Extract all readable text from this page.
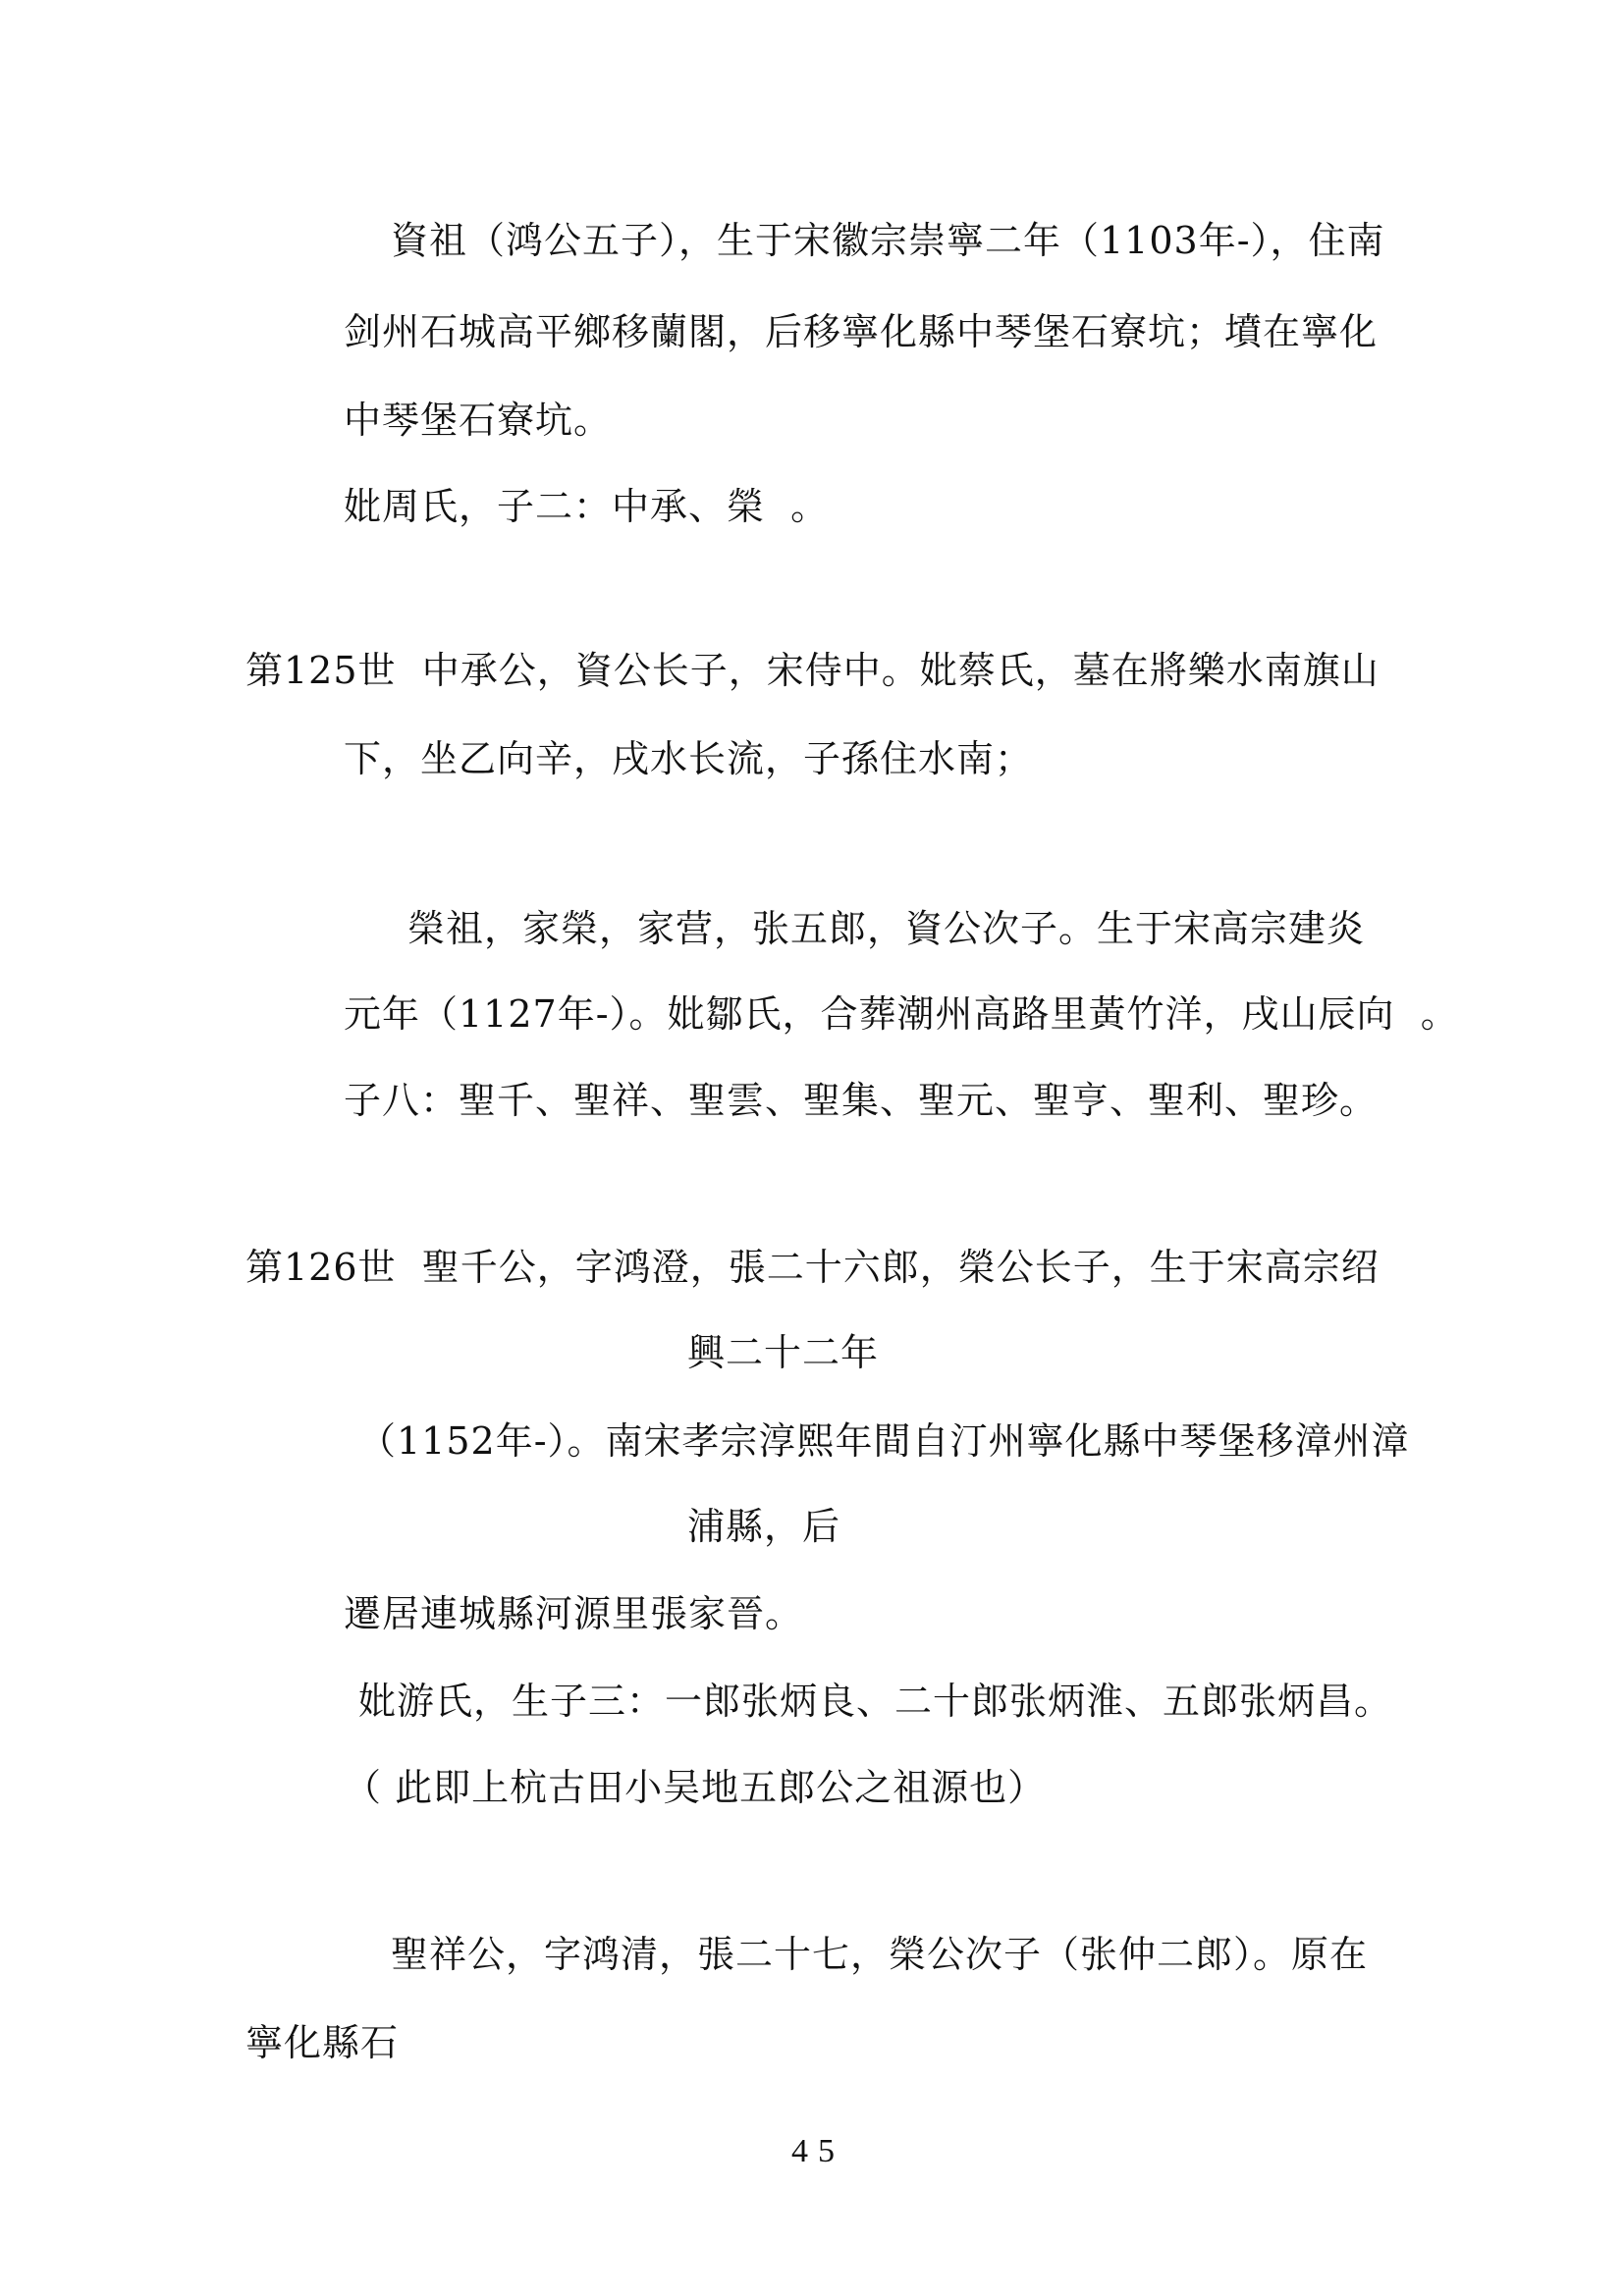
資祖（鸿公五子），生于宋徽宗崇寧二年（1103年-），住南
剑州石城高平鄉移蘭閣，后移寧化縣中琴堡石寮坑；墳在寧化
中琴堡石寮坑。
妣周氏，子二：中承、榮  。
第125世  中承公，資公长子，宋侍中。妣蔡氏，墓在將樂水南旗山
下，坐乙向辛，戌水长流，子孫住水南；
榮祖，家榮，家营，张五郎，資公次子。生于宋高宗建炎
元年（1127年-）。妣鄒氏，合葬潮州高路里黃竹洋，戌山辰向  。
子八：聖千、聖祥、聖雲、聖集、聖元、聖亨、聖利、聖珍。
第126世  聖千公，字鸿澄，張二十六郎，榮公长子，生于宋高宗绍
興二十二年
（1152年-）。南宋孝宗淳熙年間自汀州寧化縣中琴堡移漳州漳
浦縣，后
遷居連城縣河源里張家晉。
妣游氏，生子三：一郎张炳良、二十郎张炳淮、五郎张炳昌。
（ 此即上杭古田小吴地五郎公之祖源也）
聖祥公，字鸿清，張二十七，榮公次子（张仲二郎）。原在
寧化縣石
45
